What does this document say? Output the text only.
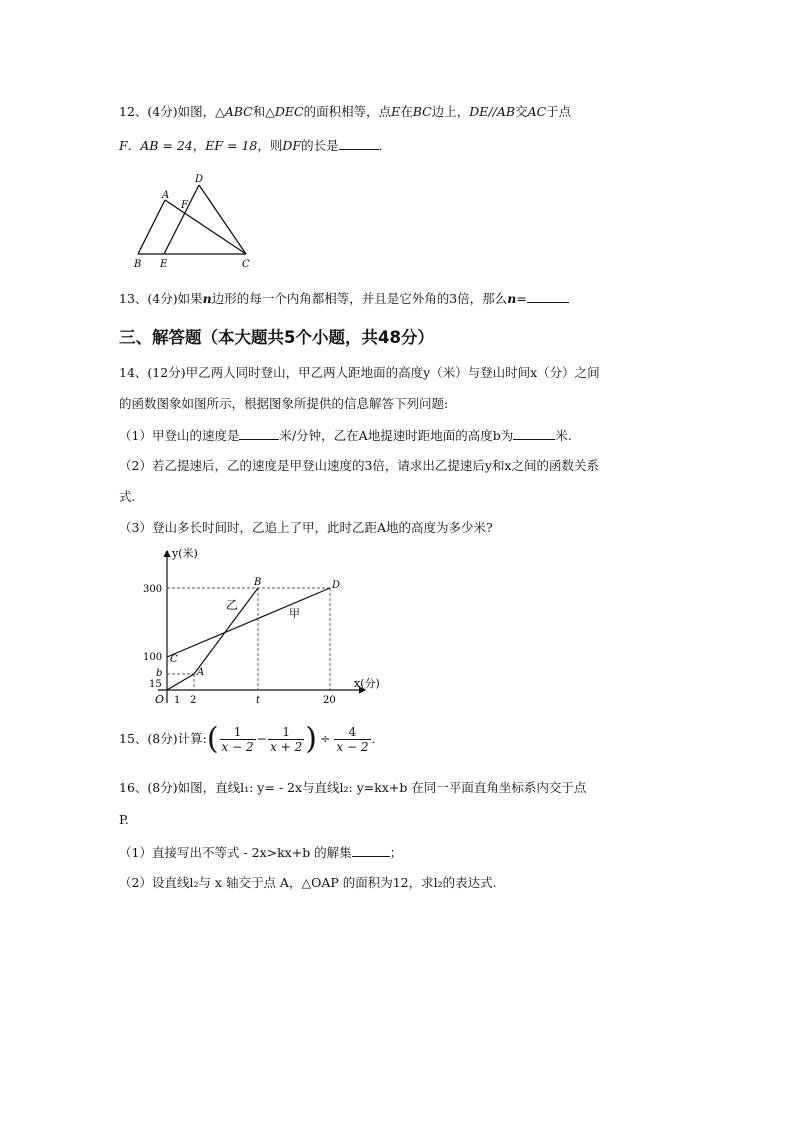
12、(4分)如图，△ABC和△DEC的面积相等，点E在BC边上，DE//AB交AC于点
F．AB = 24，EF = 18，则DF的长是	．
A
D
F
B E	C
13、(4分)如果n边形的每一个内角都相等，并且是它外角的3倍，那么n=
三、解答题（本大题共5个小题，共48分）
14、(12分)甲乙两人同时登山，甲乙两人距地面的高度y（米）与登山时间x（分）之间
的函数图象如图所示，根据图象所提供的信息解答下列问题:
（1）甲登山的速度是	米/分钟，乙在A地提速时距地面的高度b为	米.
（2）若乙提速后，乙的速度是甲登山速度的3倍，请求出乙提速后y和x之间的函数关系
式.
（3）登山多长时间时，乙追上了甲，此时乙距A地的高度为多少米?
y(米)
x(分)
O
300
100
b
15
1 2	t	20
A
B
C
D
乙
甲
15、(8分)计算:( $\frac{1}{x - 2} - \frac{1}{x + 2}$ ) ÷ $\frac{4}{x - 2}$ .
16、(8分)如图，直线l₁: y= - 2x与直线l₂: y=kx+b 在同一平面直角坐标系内交于点
P.
（1）直接写出不等式 - 2x>kx+b 的解集	；
（2）设直线l₂与 x 轴交于点 A，△OAP 的面积为12，求l₂的表达式.
